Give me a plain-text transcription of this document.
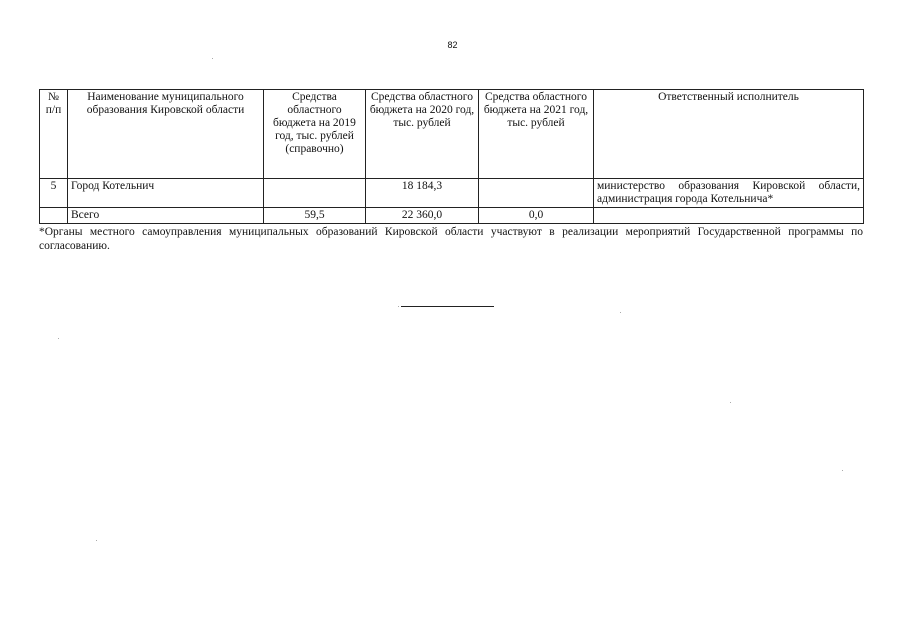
82
№ п/п	Наименование муниципального образования Кировской области	Средства областного бюджета на 2019 год, тыс. рублей (справочно)	Средства областного бюджета на 2020 год, тыс. рублей	Средства областного бюджета на 2021 год, тыс. рублей	Ответственный исполнитель
5	Город Котельнич		18 184,3		министерство образования Кировской области, администрация города Котельнича*
	Всего	59,5	22 360,0	0,0	
*Органы местного самоуправления муниципальных образований Кировской области участвуют в реализации мероприятий Государственной программы по согласованию.
